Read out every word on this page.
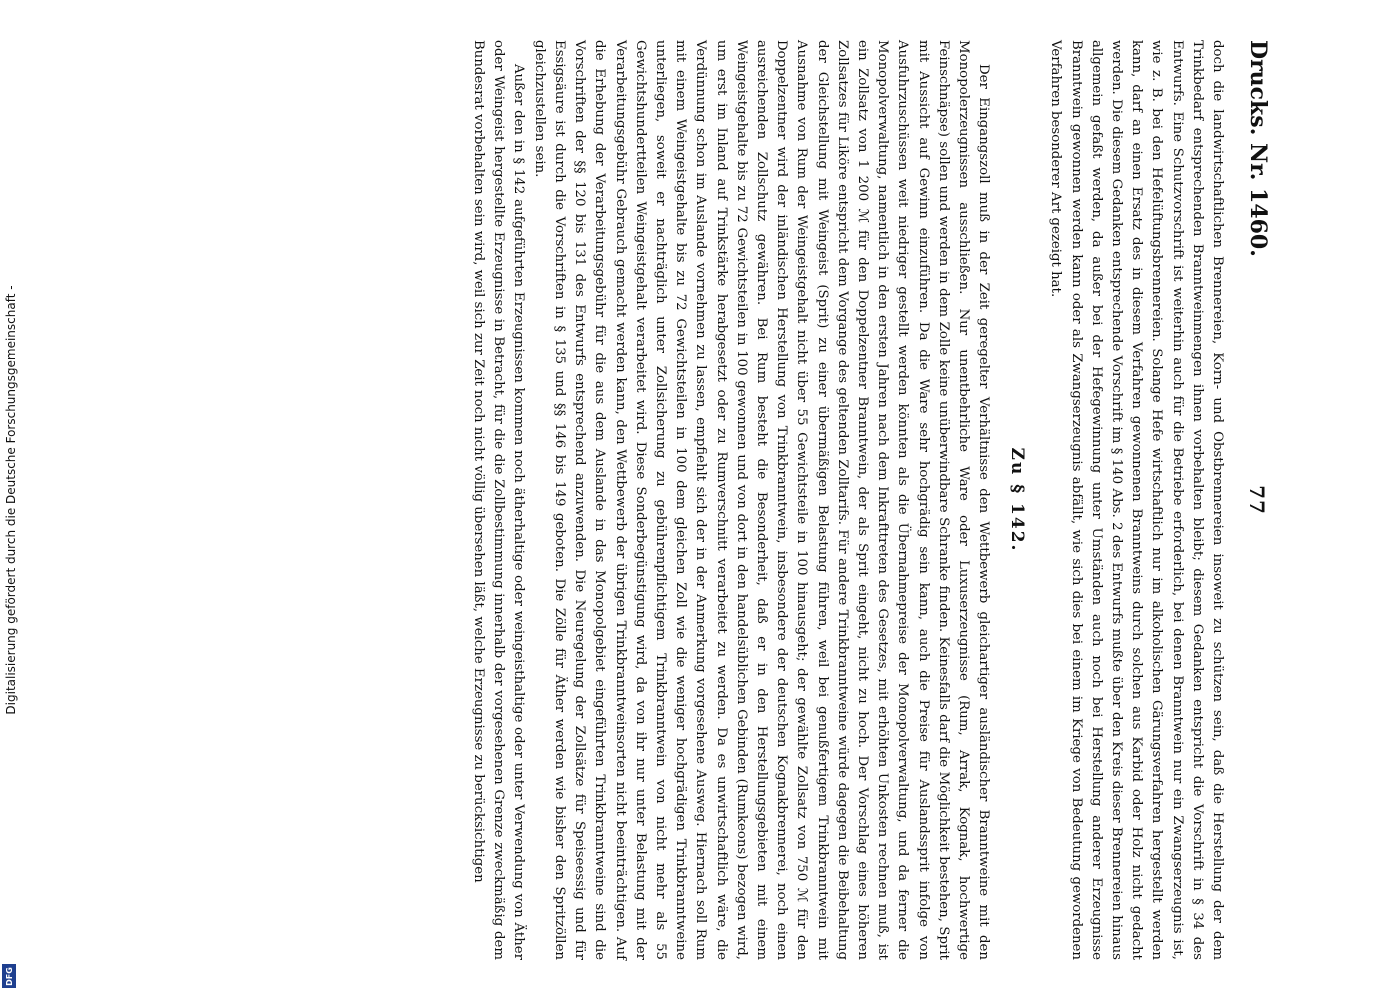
Digitalisierung gefördert durch die Deutsche Forschungsgemeinschaft -
DFG
Drucks. Nr. 1460.
77

doch die landwirtschaftlichen Brennereien, Korn- und Obstbrennereien insoweit zu schützen sein, daß die Herstellung der dem Trinkbedarf entsprechenden Branntweinmengen ihnen vorbehalten bleibt; diesem Gedanken entspricht die Vorschrift in § 34 des Entwurfs. Eine Schutzvorschrift ist weiterhin auch für die Betriebe erforderlich, bei denen Branntwein nur ein Zwangserzeugnis ist, wie z. B. bei den Hefelüftungsbrennereien. Solange Hefe wirtschaftlich nur im alkoholischen Gärungsverfahren hergestellt werden kann, darf an einen Ersatz des in diesem Verfahren gewonnenen Branntweins durch solchen aus Karbid oder Holz nicht gedacht werden. Die diesem Gedanken entsprechende Vorschrift im § 140 Abs. 2 des Entwurfs mußte über den Kreis dieser Brennereien hinaus allgemein gefaßt werden, da außer bei der Hefegewinnung unter Umständen auch noch bei Herstellung anderer Erzeugnisse Branntwein gewonnen werden kann oder als Zwangserzeugnis abfällt, wie sich dies bei einem im Kriege von Bedeutung gewordenen Verfahren besonderer Art gezeigt hat.

Zu § 142.

Der Eingangszoll muß in der Zeit geregelter Verhältnisse den Wettbewerb gleichartiger ausländischer Branntweine mit den Monopolerzeugnissen ausschließen. Nur unentbehrliche Ware oder Luxuserzeugnisse (Rum, Arrak, Kognak, hochwertige Feinschnäpse) sollen und werden in dem Zolle keine unüberwindbare Schranke finden. Keinesfalls darf die Möglichkeit bestehen, Sprit mit Aussicht auf Gewinn einzuführen. Da die Ware sehr hochgrädig sein kann, auch die Preise für Auslandssprit infolge von Ausfuhrzuschüssen weit niedriger gestellt werden könnten als die Übernahmepreise der Monopolverwaltung, und da ferner die Monopolverwaltung, namentlich in den ersten Jahren nach dem Inkrafttreten des Gesetzes, mit erhöhten Unkosten rechnen muß, ist ein Zollsatz von 1 200 ℳ für den Doppelzentner Branntwein, der als Sprit eingeht, nicht zu hoch. Der Vorschlag eines höheren Zollsatzes für Liköre entspricht dem Vorgange des geltenden Zolltarifs. Für andere Trinkbranntweine würde dagegen die Beibehaltung der Gleichstellung mit Weingeist (Sprit) zu einer übermäßigen Belastung führen, weil bei genußfertigem Trinkbranntwein mit Ausnahme von Rum der Weingeistgehalt nicht über 55 Gewichtsteile in 100 hinausgeht; der gewählte Zollsatz von 750 ℳ für den Doppelzentner wird der inländischen Herstellung von Trinkbranntwein, insbesondere der deutschen Kognakbrennerei, noch einen ausreichenden Zollschutz gewähren. Bei Rum besteht die Besonderheit, daß er in den Herstellungsgebieten mit einem Weingeistgehalte bis zu 72 Gewichtsteilen in 100 gewonnen und von dort in den handelsüblichen Gebinden (Rumkeons) bezogen wird, um erst im Inland auf Trinkstärke herabgesetzt oder zu Rumverschnitt verarbeitet zu werden. Da es unwirtschaftlich wäre, die Verdünnung schon im Auslande vornehmen zu lassen, empfiehlt sich der in der Anmerkung vorgesehene Ausweg. Hiernach soll Rum mit einem Weingeistgehalte bis zu 72 Gewichtsteilen in 100 dem gleichen Zoll wie die weniger hochgrädigen Trinkbranntweine unterliegen, soweit er nachträglich unter Zollsicherung zu gebührenpflichtigem Trinkbranntwein von nicht mehr als 55 Gewichtshundertteilen Weingeistgehalt verarbeitet wird. Diese Sonderbegünstigung wird, da von ihr nur unter Belastung mit der Verarbeitungsgebühr Gebrauch gemacht werden kann, den Wettbewerb der übrigen Trinkbranntweinsorten nicht beeinträchtigen. Auf die Erhebung der Verarbeitungsgebühr für die aus dem Auslande in das Monopolgebiet eingeführten Trinkbranntweine sind die Vorschriften der §§ 120 bis 131 des Entwurfs entsprechend anzuwenden. Die Neuregelung der Zollsätze für Speiseessig und für Essigsäure ist durch die Vorschriften in § 135 und §§ 146 bis 149 geboten. Die Zölle für Äther werden wie bisher den Spritzöllen gleichzustellen sein.

Außer den in § 142 aufgeführten Erzeugnissen kommen noch ätherhaltige oder weingeisthaltige oder unter Verwendung von Äther oder Weingeist hergestellte Erzeugnisse in Betracht, für die die Zollbestimmung innerhalb der vorgesehenen Grenze zweckmäßig dem Bundesrat vorbehalten sein wird, weil sich zur Zeit noch nicht völlig übersehen läßt, welche Erzeugnisse zu berücksichtigen
